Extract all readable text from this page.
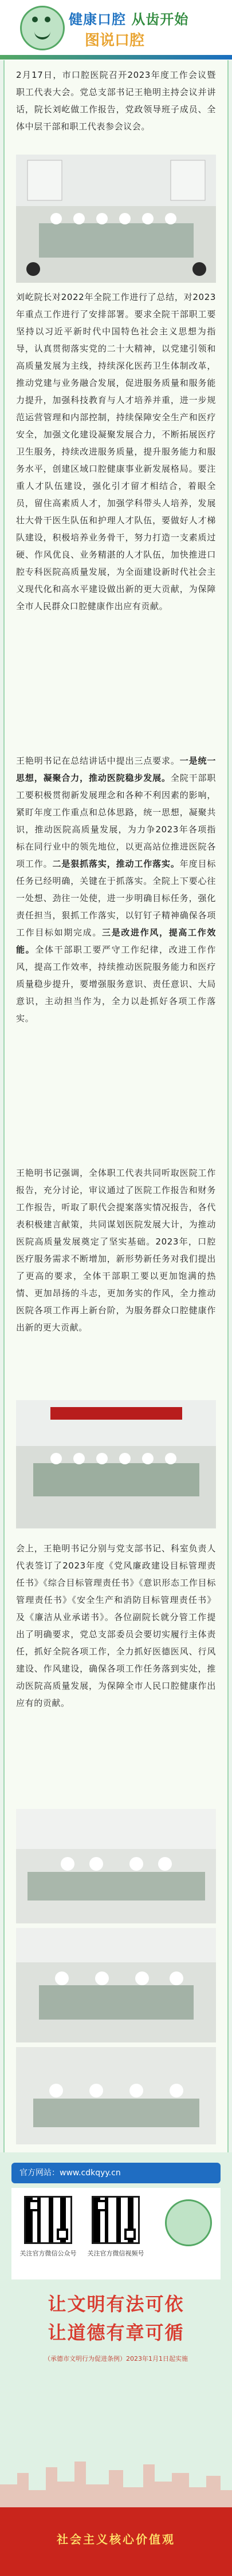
健康口腔 从齿开始
图说口腔
2月17日，市口腔医院召开2023年度工作会议暨职工代表大会。党总支部书记王艳明主持会议并讲话，院长刘屹做工作报告，党政领导班子成员、全体中层干部和职工代表参会议会。
刘屹院长对2022年全院工作进行了总结，对2023年重点工作进行了安排部署。要求全院干部职工要坚持以习近平新时代中国特色社会主义思想为指导，认真贯彻落实党的二十大精神，以党建引领和高质量发展为主线，持续深化医药卫生体制改革，推动党建与业务融合发展，促进服务质量和服务能力提升，加强科技教育与人才培养并重，进一步规范运营管理和内部控制，持续保障安全生产和医疗安全，加强文化建设凝聚发展合力，不断拓展医疗卫生服务，持续改进服务质量，提升服务能力和服务水平，创建区域口腔健康事业新发展格局。要注重人才队伍建设，强化引才留才相结合，着眼全员，留住高素质人才，加强学科带头人培养，发展壮大骨干医生队伍和护理人才队伍，要做好人才梯队建设，积极培养业务骨干，努力打造一支素质过硬、作风优良、业务精湛的人才队伍，加快推进口腔专科医院高质量发展，为全面建设新时代社会主义现代化和高水平建设做出新的更大贡献，为保障全市人民群众口腔健康作出应有贡献。
王艳明书记在总结讲话中提出三点要求。一是统一思想，凝聚合力，推动医院稳步发展。全院干部职工要积极贯彻新发展理念和各种不利因素的影响，紧盯年度工作重点和总体思路，统一思想，凝聚共识，推动医院高质量发展，为力争2023年各项指标在同行业中的领先地位，以更高站位推进医院各项工作。二是狠抓落实，推动工作落实。年度目标任务已经明确，关键在于抓落实。全院上下要心往一处想、劲往一处使，进一步明确目标任务，强化责任担当，狠抓工作落实，以钉钉子精神确保各项工作目标如期完成。三是改进作风，提高工作效能。全体干部职工要严守工作纪律，改进工作作风，提高工作效率，持续推动医院服务能力和医疗质量稳步提升，要增强服务意识、责任意识、大局意识，主动担当作为，全力以赴抓好各项工作落实。
王艳明书记强调，全体职工代表共同听取医院工作报告，充分讨论，审议通过了医院工作报告和财务工作报告，听取了职代会提案落实情况报告，各代表积极建言献策，共同谋划医院发展大计，为推动医院高质量发展奠定了坚实基础。2023年，口腔医疗服务需求不断增加，新形势新任务对我们提出了更高的要求，全体干部职工要以更加饱满的热情、更加昂扬的斗志，更加务实的作风，全力推动医院各项工作再上新台阶，为服务群众口腔健康作出新的更大贡献。
会上，王艳明书记分别与党支部书记、科室负责人代表签订了2023年度《党风廉政建设目标管理责任书》《综合目标管理责任书》《意识形态工作目标管理责任书》《安全生产和消防目标管理责任书》及《廉洁从业承诺书》。各位副院长就分管工作提出了明确要求，党总支部委员会要切实履行主体责任，抓好全院各项工作，全力抓好医德医风、行风建设、作风建设，确保各项工作任务落到实处，推动医院高质量发展，为保障全市人民口腔健康作出应有的贡献。
官方网站：www.cdkqyy.cn
关注官方微信公众号	关注官方微信视频号
让文明有法可依
让道德有章可循
（承德市文明行为促进条例）2023年1月1日起实施
社会主义核心价值观
